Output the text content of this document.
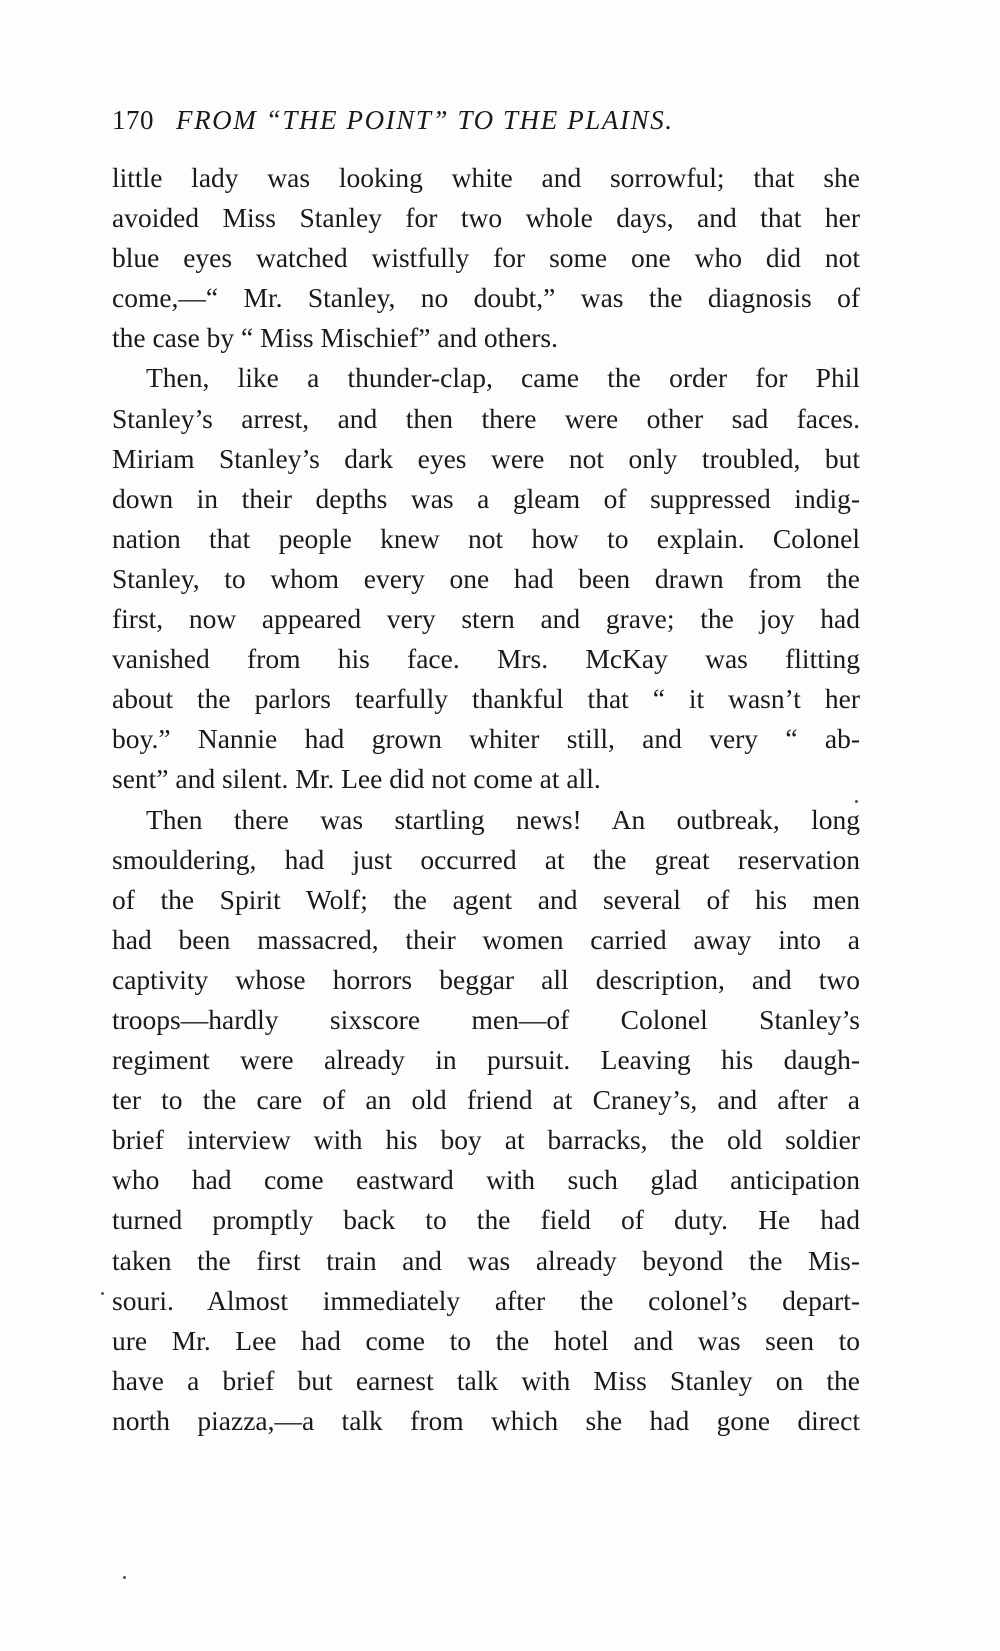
170 FROM “THE POINT” TO THE PLAINS.
little lady was looking white and sorrowful; that she
avoided Miss Stanley for two whole days, and that her
blue eyes watched wistfully for some one who did not
come,—“ Mr. Stanley, no doubt,” was the diagnosis of
the case by “ Miss Mischief” and others.
Then, like a thunder-clap, came the order for Phil
Stanley’s arrest, and then there were other sad faces.
Miriam Stanley’s dark eyes were not only troubled, but
down in their depths was a gleam of suppressed indig-
nation that people knew not how to explain. Colonel
Stanley, to whom every one had been drawn from the
first, now appeared very stern and grave; the joy had
vanished from his face. Mrs. McKay was flitting
about the parlors tearfully thankful that “ it wasn’t her
boy.” Nannie had grown whiter still, and very “ ab-
sent” and silent. Mr. Lee did not come at all.
Then there was startling news! An outbreak, long
smouldering, had just occurred at the great reservation
of the Spirit Wolf; the agent and several of his men
had been massacred, their women carried away into a
captivity whose horrors beggar all description, and two
troops—hardly sixscore men—of Colonel Stanley’s
regiment were already in pursuit. Leaving his daugh-
ter to the care of an old friend at Craney’s, and after a
brief interview with his boy at barracks, the old soldier
who had come eastward with such glad anticipation
turned promptly back to the field of duty. He had
taken the first train and was already beyond the Mis-
souri. Almost immediately after the colonel’s depart-
ure Mr. Lee had come to the hotel and was seen to
have a brief but earnest talk with Miss Stanley on the
north piazza,—a talk from which she had gone direct
